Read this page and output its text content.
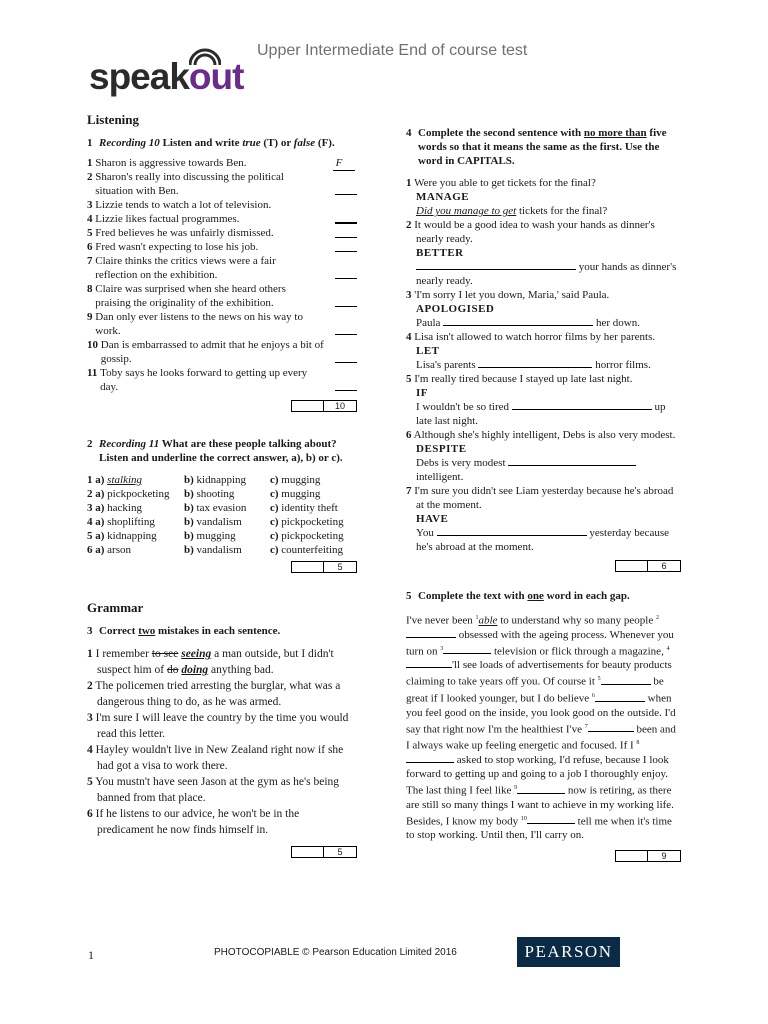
Upper Intermediate End of course test
speakout
Listening
1 Recording 10 Listen and write true (T) or false (F).
1 Sharon is aggressive towards Ben.	F
2 Sharon's really into discussing the political situation with Ben.
3 Lizzie tends to watch a lot of television.
4 Lizzie likes factual programmes.
5 Fred believes he was unfairly dismissed.
6 Fred wasn't expecting to lose his job.
7 Claire thinks the critics views were a fair reflection on the exhibition.
8 Claire was surprised when she heard others praising the originality of the exhibition.
9 Dan only ever listens to the news on his way to work.
10 Dan is embarrassed to admit that he enjoys a bit of gossip.
11 Toby says he looks forward to getting up every day.
10
2 Recording 11 What are these people talking about? Listen and underline the correct answer, a), b) or c).
1 a) stalking	b) kidnapping	c) mugging
2 a) pickpocketing	b) shooting	c) mugging
3 a) hacking	b) tax evasion	c) identity theft
4 a) shoplifting	b) vandalism	c) pickpocketing
5 a) kidnapping	b) mugging	c) pickpocketing
6 a) arson	b) vandalism	c) counterfeiting
5
Grammar
3 Correct two mistakes in each sentence.
1 I remember to see seeing a man outside, but I didn't suspect him of do doing anything bad.
2 The policemen tried arresting the burglar, what was a dangerous thing to do, as he was armed.
3 I'm sure I will leave the country by the time you would read this letter.
4 Hayley wouldn't live in New Zealand right now if she had got a visa to work there.
5 You mustn't have seen Jason at the gym as he's being banned from that place.
6 If he listens to our advice, he won't be in the predicament he now finds himself in.
5
4 Complete the second sentence with no more than five words so that it means the same as the first. Use the word in CAPITALS.
1 Were you able to get tickets for the final?
MANAGE
Did you manage to get tickets for the final?
2 It would be a good idea to wash your hands as dinner's nearly ready.
BETTER
your hands as dinner's nearly ready.
3 'I'm sorry I let you down, Maria,' said Paula.
APOLOGISED
Paula	her down.
4 Lisa isn't allowed to watch horror films by her parents.
LET
Lisa's parents	horror films.
5 I'm really tired because I stayed up late last night.
IF
I wouldn't be so tired	up late last night.
6 Although she's highly intelligent, Debs is also very modest.
DESPITE
Debs is very modest  intelligent.
7 I'm sure you didn't see Liam yesterday because he's abroad at the moment.
HAVE
You	yesterday because he's abroad at the moment.
6
5 Complete the text with one word in each gap.
I've never been $^1$able to understand why so many people $^2$ obsessed with the ageing process. Whenever you turn on $^3$	television or flick through a magazine, $^4$'ll see loads of advertisements for beauty products claiming to take years off you. Of course it $^5$	be great if I looked younger, but I do believe $^6$	when you feel good on the inside, you look good on the outside. I'd say that right now I'm the healthiest I've $^7$	been and I always wake up feeling energetic and focused. If I $^8$ asked to stop working, I'd refuse, because I look forward to getting up and going to a job I thoroughly enjoy. The last thing I feel like $^9$	now is retiring, as there are still so many things I want to achieve in my working life. Besides, I know my body $^{10}$	tell me when it's time to stop working. Until then, I'll carry on.
9
1	PHOTOCOPIABLE © Pearson Education Limited 2016	PEARSON
